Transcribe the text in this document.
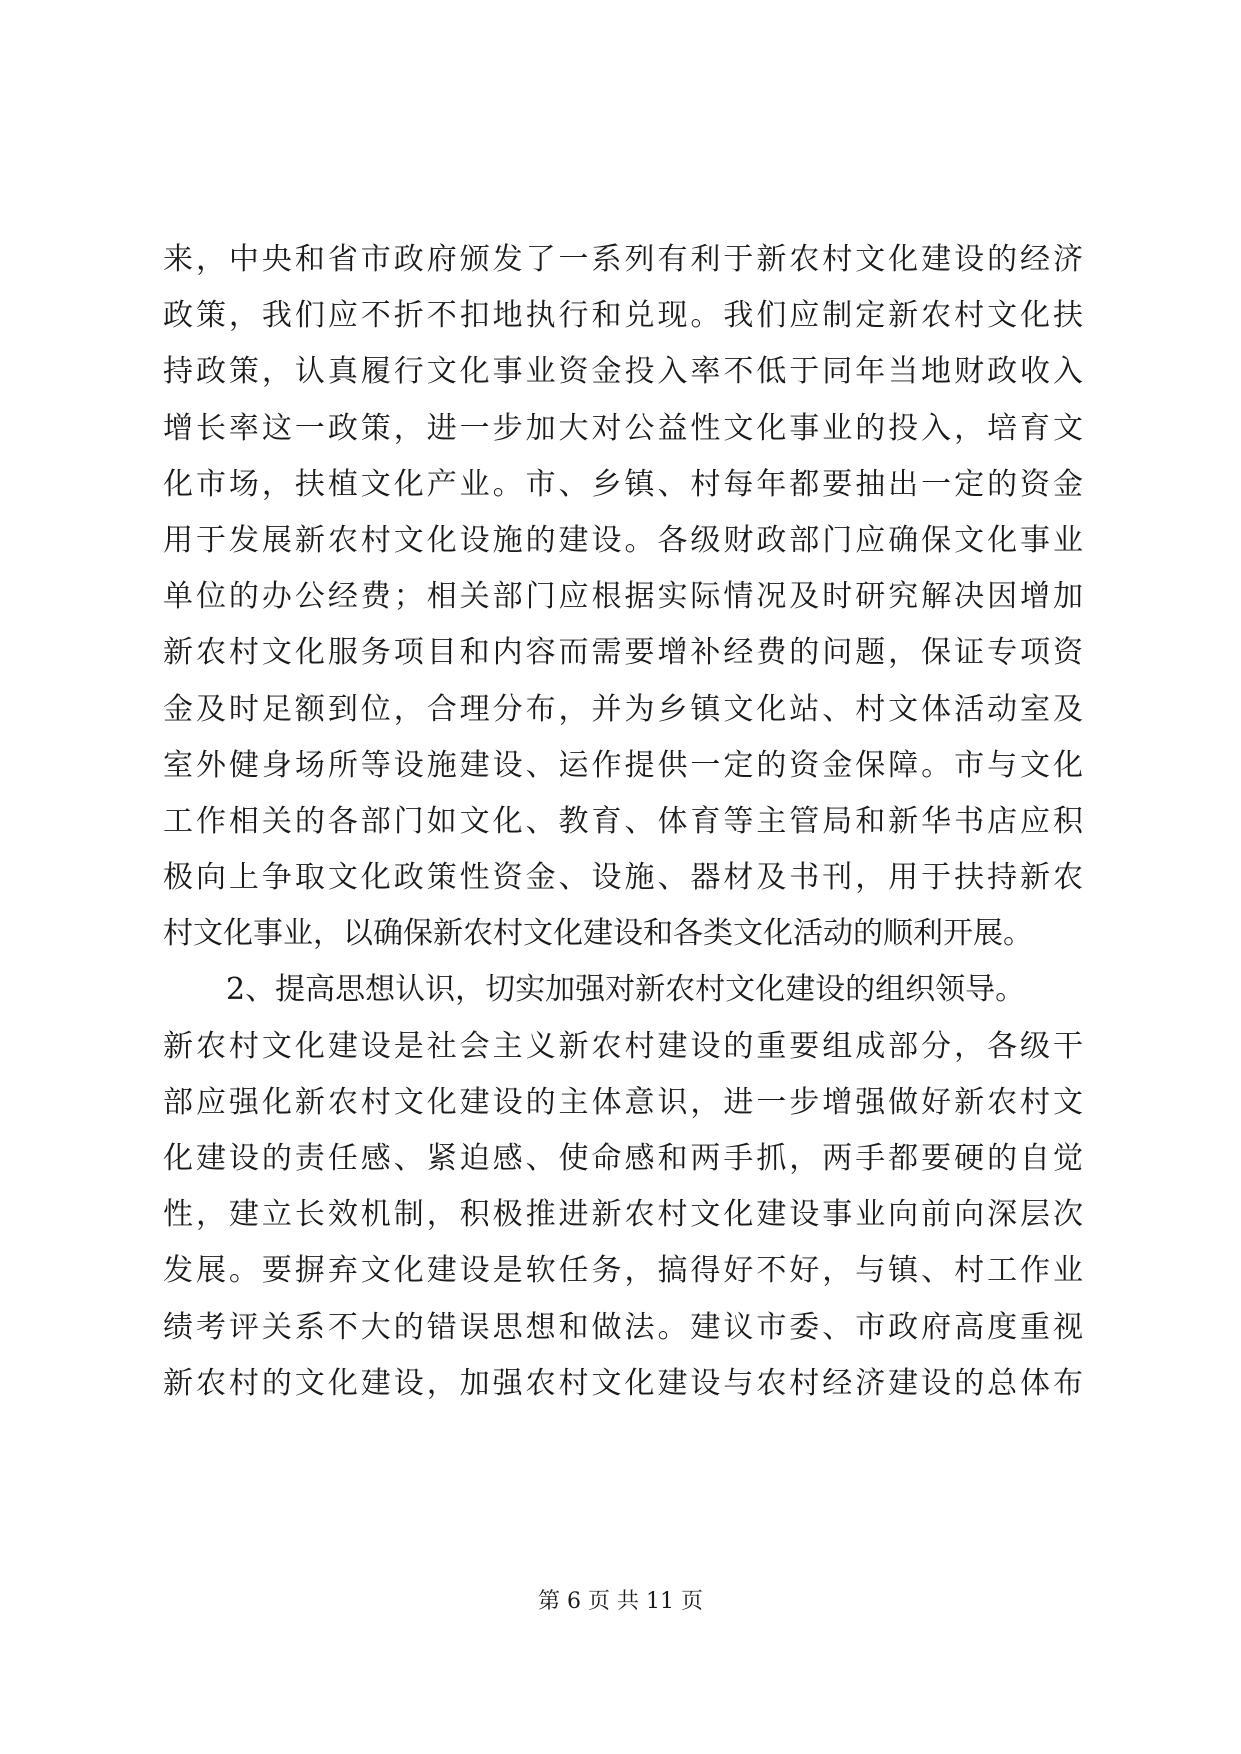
来，中央和省市政府颁发了一系列有利于新农村文化建设的经济
政策，我们应不折不扣地执行和兑现。我们应制定新农村文化扶
持政策，认真履行文化事业资金投入率不低于同年当地财政收入
增长率这一政策，进一步加大对公益性文化事业的投入，培育文
化市场，扶植文化产业。市、乡镇、村每年都要抽出一定的资金
用于发展新农村文化设施的建设。各级财政部门应确保文化事业
单位的办公经费；相关部门应根据实际情况及时研究解决因增加
新农村文化服务项目和内容而需要增补经费的问题，保证专项资
金及时足额到位，合理分布，并为乡镇文化站、村文体活动室及
室外健身场所等设施建设、运作提供一定的资金保障。市与文化
工作相关的各部门如文化、教育、体育等主管局和新华书店应积
极向上争取文化政策性资金、设施、器材及书刊，用于扶持新农
村文化事业，以确保新农村文化建设和各类文化活动的顺利开展。
2、提高思想认识，切实加强对新农村文化建设的组织领导。
新农村文化建设是社会主义新农村建设的重要组成部分，各级干
部应强化新农村文化建设的主体意识，进一步增强做好新农村文
化建设的责任感、紧迫感、使命感和两手抓，两手都要硬的自觉
性，建立长效机制，积极推进新农村文化建设事业向前向深层次
发展。要摒弃文化建设是软任务，搞得好不好，与镇、村工作业
绩考评关系不大的错误思想和做法。建议市委、市政府高度重视
新农村的文化建设，加强农村文化建设与农村经济建设的总体布
第 6 页 共 11 页
